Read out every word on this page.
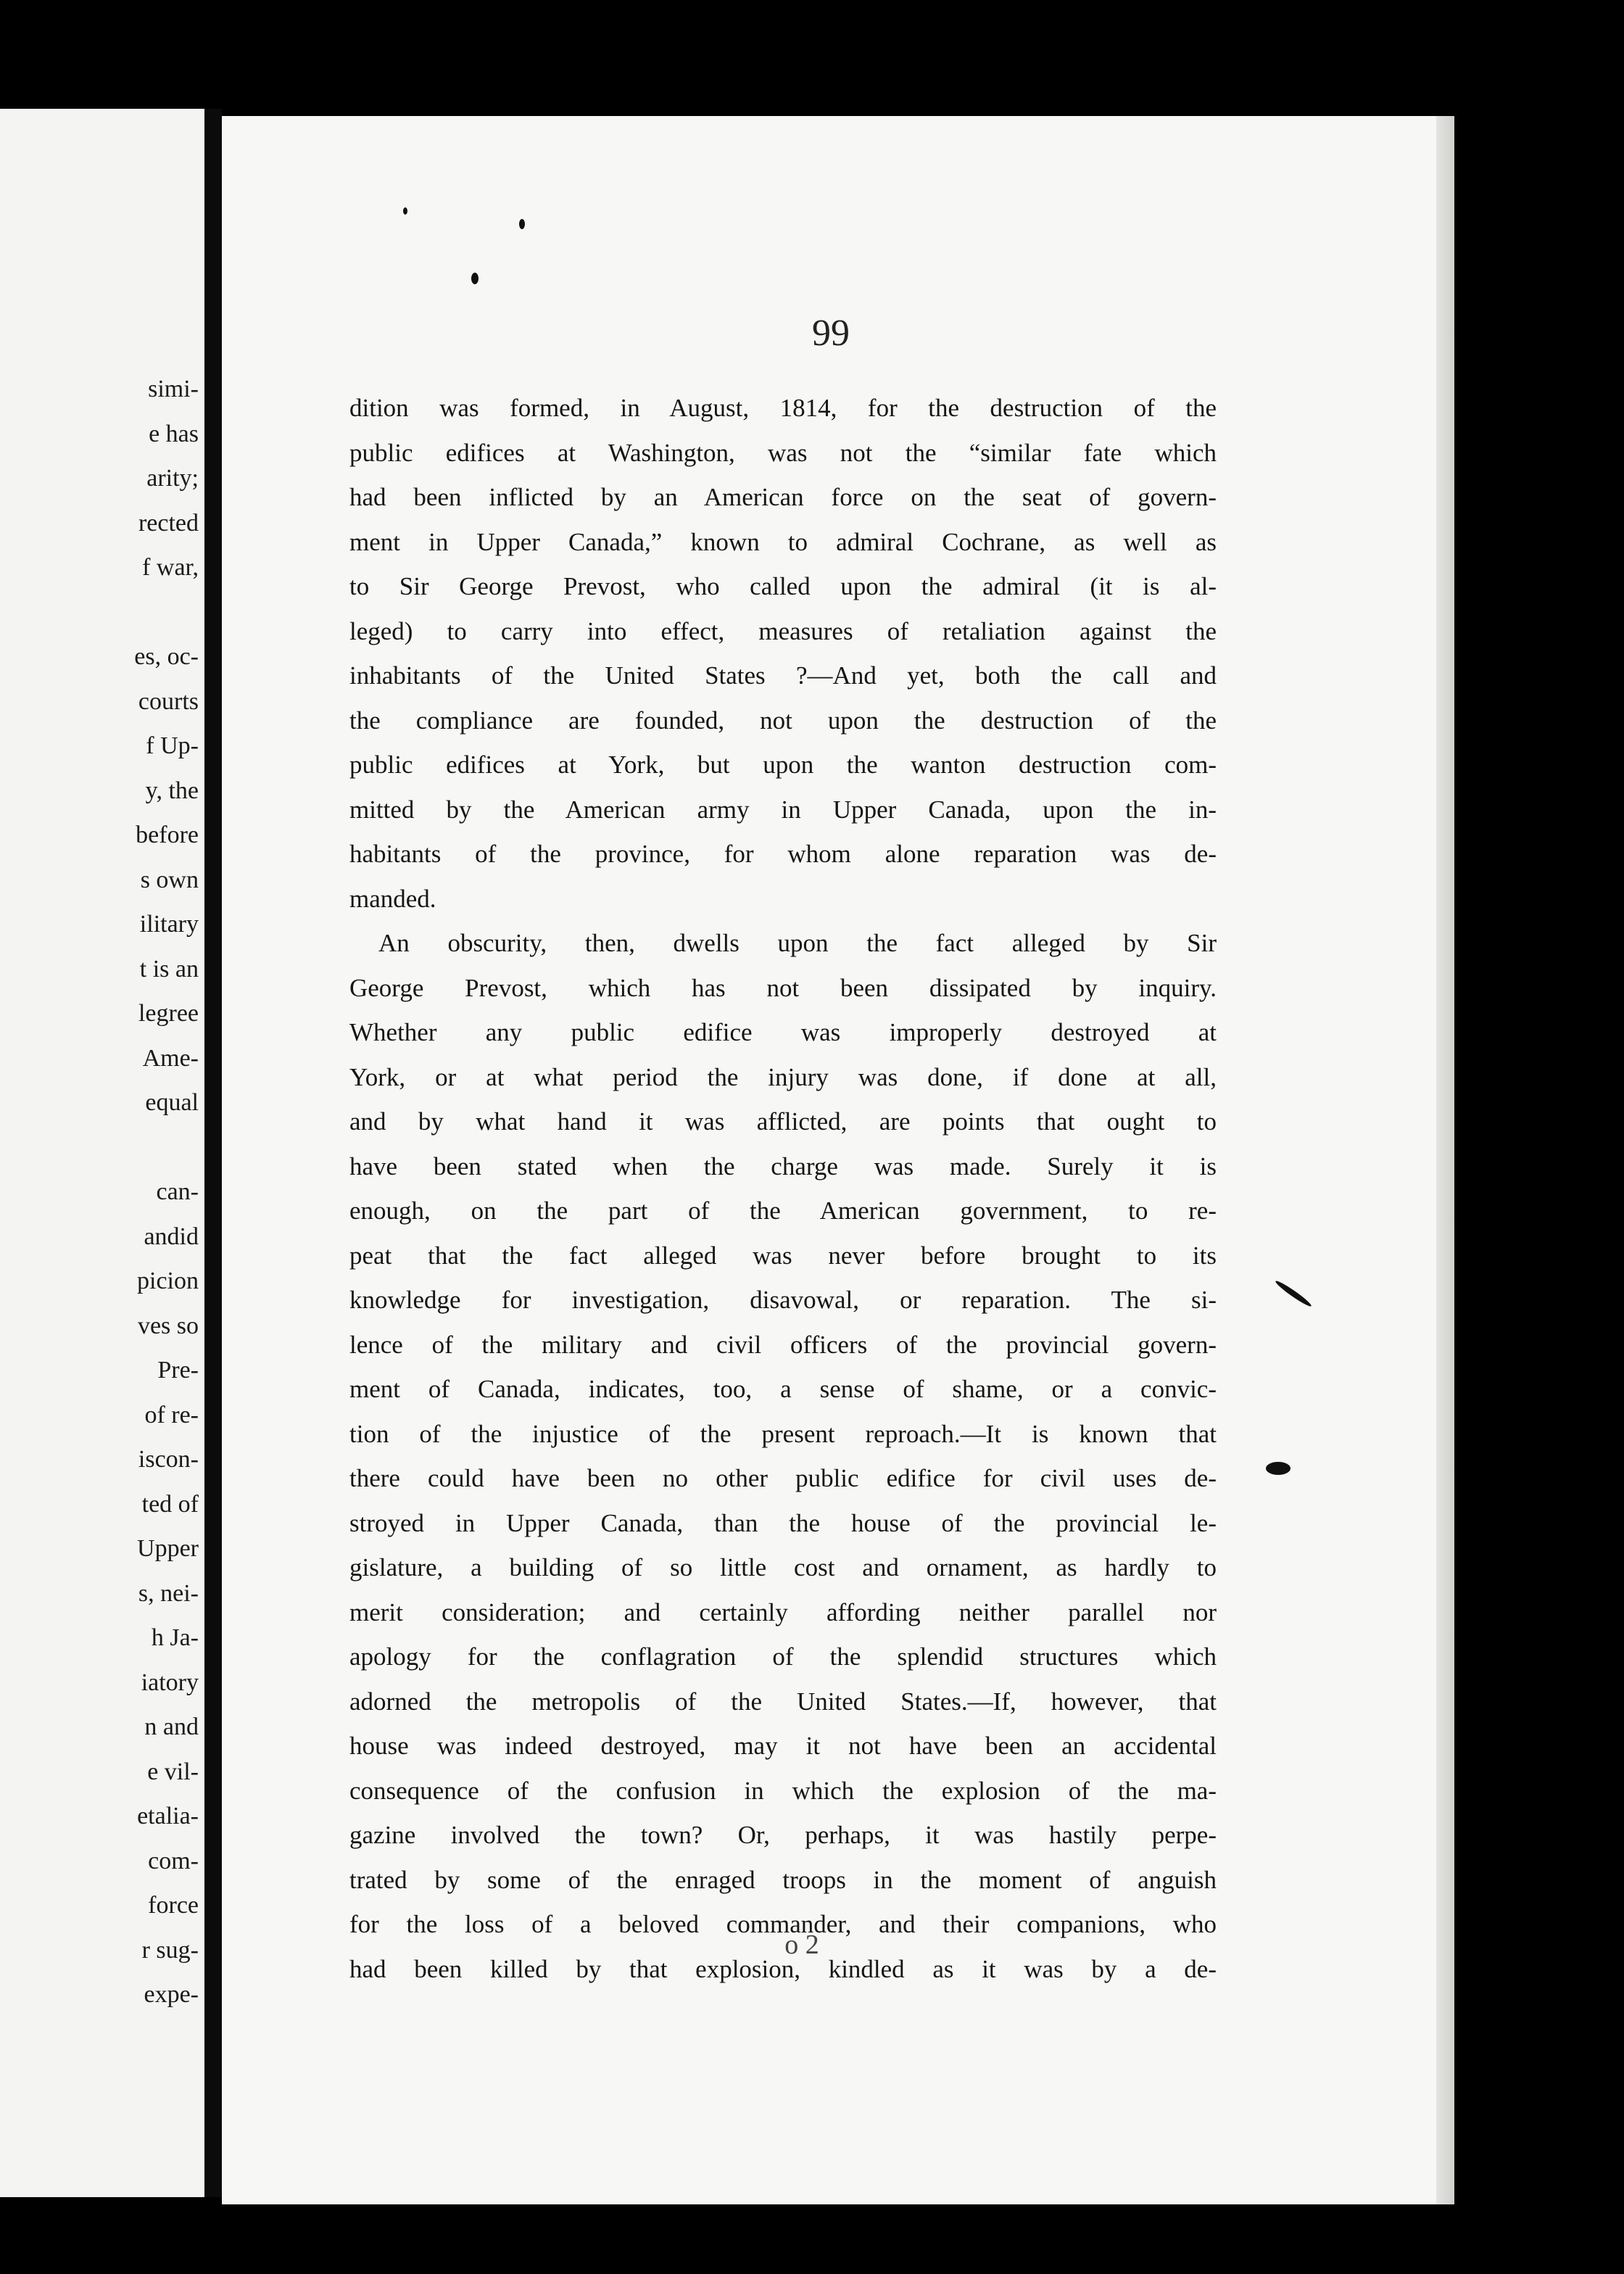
simi-
e has
arity;
rected
f war,
es, oc-
courts
f Up-
y, the
before
s own
ilitary
t is an
legree
Ame-
equal
can-
andid
picion
ves so
Pre-
of re-
iscon-
ted of
Upper
s, nei-
h Ja-
iatory
n and
e vil-
etalia-
com-
force
r sug-
expe-
99
dition was formed, in August, 1814, for the destruction of the
public edifices at Washington, was not the “similar fate which
had been inflicted by an American force on the seat of govern-
ment in Upper Canada,” known to admiral Cochrane, as well as
to Sir George Prevost, who called upon the admiral (it is al-
leged) to carry into effect, measures of retaliation against the
inhabitants of the United States ?—And yet, both the call and
the compliance are founded, not upon the destruction of the
public edifices at York, but upon the wanton destruction com-
mitted by the American army in Upper Canada, upon the in-
habitants of the province, for whom alone reparation was de-
manded.
An obscurity, then, dwells upon the fact alleged by Sir
George Prevost, which has not been dissipated by inquiry.
Whether any public edifice was improperly destroyed at
York, or at what period the injury was done, if done at all,
and by what hand it was afflicted, are points that ought to
have been stated when the charge was made. Surely it is
enough, on the part of the American government, to re-
peat that the fact alleged was never before brought to its
knowledge for investigation, disavowal, or reparation. The si-
lence of the military and civil officers of the provincial govern-
ment of Canada, indicates, too, a sense of shame, or a convic-
tion of the injustice of the present reproach.—It is known that
there could have been no other public edifice for civil uses de-
stroyed in Upper Canada, than the house of the provincial le-
gislature, a building of so little cost and ornament, as hardly to
merit consideration; and certainly affording neither parallel nor
apology for the conflagration of the splendid structures which
adorned the metropolis of the United States.—If, however, that
house was indeed destroyed, may it not have been an accidental
consequence of the confusion in which the explosion of the ma-
gazine involved the town? Or, perhaps, it was hastily perpe-
trated by some of the enraged troops in the moment of anguish
for the loss of a beloved commander, and their companions, who
had been killed by that explosion, kindled as it was by a de-
o 2
